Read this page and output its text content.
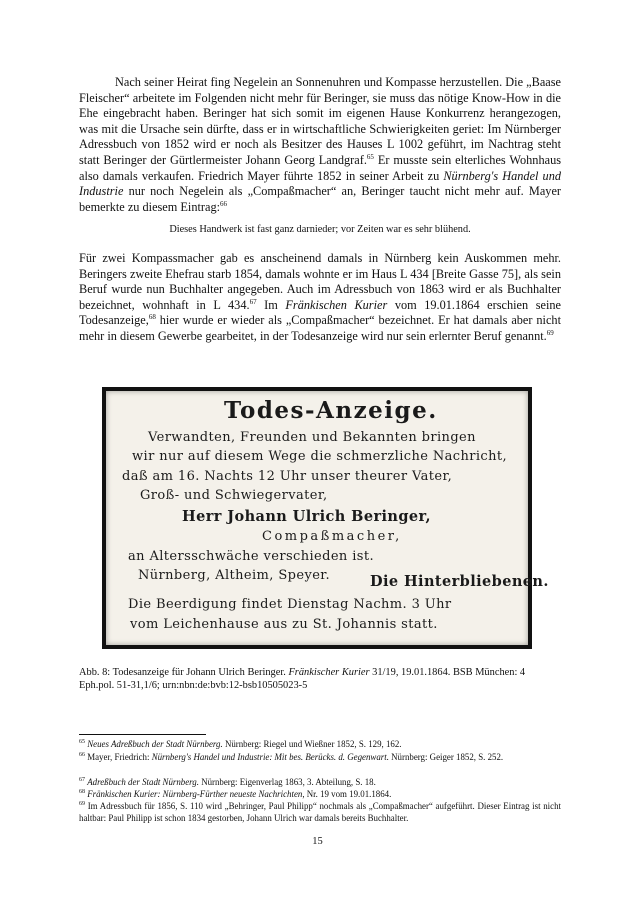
Nach seiner Heirat fing Negelein an Sonnenuhren und Kompasse herzustellen. Die „Baase Fleischer“ arbeitete im Folgenden nicht mehr für Beringer, sie muss das nötige Know-How in die Ehe eingebracht haben. Beringer hat sich somit im eigenen Hause Konkurrenz herangezogen, was mit die Ursache sein dürfte, dass er in wirtschaftliche Schwierigkeiten geriet: Im Nürnberger Adressbuch von 1852 wird er noch als Besitzer des Hauses L 1002 geführt, im Nachtrag steht statt Beringer der Gürtlermeister Johann Georg Landgraf.$^{65}$ Er musste sein elterliches Wohnhaus also damals verkaufen. Friedrich Mayer führte 1852 in seiner Arbeit zu Nürnberg's Handel und Industrie nur noch Negelein als „Compaßmacher“ an, Beringer taucht nicht mehr auf. Mayer bemerkte zu diesem Eintrag:$^{66}$

Dieses Handwerk ist fast ganz darnieder; vor Zeiten war es sehr blühend.

Für zwei Kompassmacher gab es anscheinend damals in Nürnberg kein Auskommen mehr. Beringers zweite Ehefrau starb 1854, damals wohnte er im Haus L 434 [Breite Gasse 75], als sein Beruf wurde nun Buchhalter angegeben. Auch im Adressbuch von 1863 wird er als Buchhalter bezeichnet, wohnhaft in L 434.67 Im Fränkischen Kurier vom 19.01.1864 erschien seine Todesanzeige,$^{68}$ hier wurde er wieder als „Compaßmacher“ bezeichnet. Er hat damals aber nicht mehr in diesem Gewerbe gearbeitet, in der Todesanzeige wird nur sein erlernter Beruf genannt.$^{69}$

Todes-Anzeige.
Verwandten, Freunden und Bekannten bringen
wir nur auf diesem Wege die schmerzliche Nachricht,
daß am 16. Nachts 12 Uhr unser theurer Vater,
Groß- und Schwiegervater,
Herr Johann Ulrich Beringer,
Compaßmacher,
an Altersschwäche verschieden ist.
Nürnberg, Altheim, Speyer.	Die Hinterbliebenen.
Die Beerdigung findet Dienstag Nachm. 3 Uhr
vom Leichenhause aus zu St. Johannis statt.

Abb. 8: Todesanzeige für Johann Ulrich Beringer. Fränkischer Kurier 31/19, 19.01.1864. BSB München: 4 Eph.pol. 51-31,1/6; urn:nbn:de:bvb:12-bsb10505023-5

$^{65}$ Neues Adreßbuch der Stadt Nürnberg. Nürnberg: Riegel und Wießner 1852, S. 129, 162.

$^{66}$ Mayer, Friedrich: Nürnberg's Handel und Industrie: Mit bes. Berücks. d. Gegenwart. Nürnberg: Geiger 1852, S. 252.

$^{67}$ Adreßbuch der Stadt Nürnberg. Nürnberg: Eigenverlag 1863, 3. Abteilung, S. 18.

$^{68}$ Fränkischen Kurier: Nürnberg-Fürther neueste Nachrichten, Nr. 19 vom 19.01.1864.

$^{69}$ Im Adressbuch für 1856, S. 110 wird „Behringer, Paul Philipp“ nochmals als „Compaßmacher“ aufgeführt. Dieser Eintrag ist nicht haltbar: Paul Philipp ist schon 1834 gestorben, Johann Ulrich war damals bereits Buchhalter.

15
